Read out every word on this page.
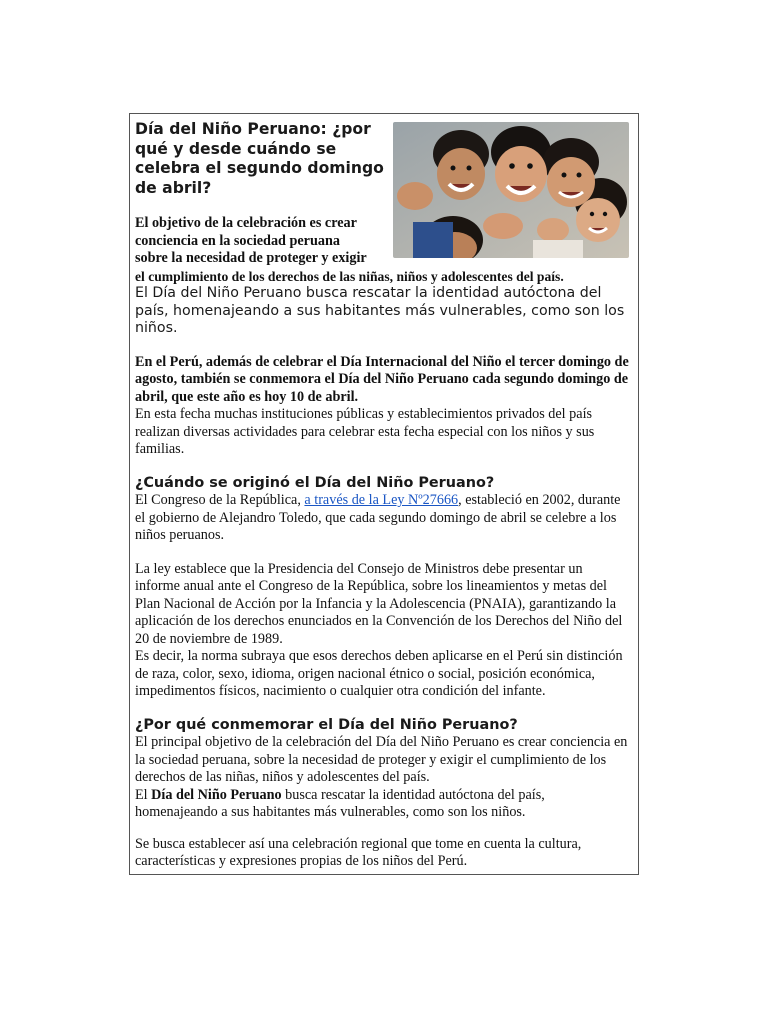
Día del Niño Peruano: ¿por qué y desde cuándo se celebra el segundo domingo de abril?
El objetivo de la celebración es crear
conciencia en la sociedad peruana
sobre la necesidad de proteger y exigir
el cumplimiento de los derechos de las niñas, niños y adolescentes del país.

El Día del Niño Peruano busca rescatar la identidad autóctona del país, homenajeando a sus habitantes más vulnerables, como son los niños.

En el Perú, además de celebrar el Día Internacional del Niño el tercer domingo de agosto, también se conmemora el Día del Niño Peruano cada segundo domingo de abril, que este año es hoy 10 de abril.

En esta fecha muchas instituciones públicas y establecimientos privados del país realizan diversas actividades para celebrar esta fecha especial con los niños y sus familias.

¿Cuándo se originó el Día del Niño Peruano?

El Congreso de la República, a través de la Ley Nº27666, estableció en 2002, durante el gobierno de Alejandro Toledo, que cada segundo domingo de abril se celebre a los niños peruanos.

La ley establece que la Presidencia del Consejo de Ministros debe presentar un informe anual ante el Congreso de la República, sobre los lineamientos y metas del Plan Nacional de Acción por la Infancia y la Adolescencia (PNAIA), garantizando la aplicación de los derechos enunciados en la Convención de los Derechos del Niño del 20 de noviembre de 1989.

Es decir, la norma subraya que esos derechos deben aplicarse en el Perú sin distinción de raza, color, sexo, idioma, origen nacional étnico o social, posición económica, impedimentos físicos, nacimiento o cualquier otra condición del infante.

¿Por qué conmemorar el Día del Niño Peruano?

El principal objetivo de la celebración del Día del Niño Peruano es crear conciencia en la sociedad peruana, sobre la necesidad de proteger y exigir el cumplimiento de los derechos de las niñas, niños y adolescentes del país.

El Día del Niño Peruano busca rescatar la identidad autóctona del país, homenajeando a sus habitantes más vulnerables, como son los niños.

Se busca establecer así una celebración regional que tome en cuenta la cultura, características y expresiones propias de los niños del Perú.
